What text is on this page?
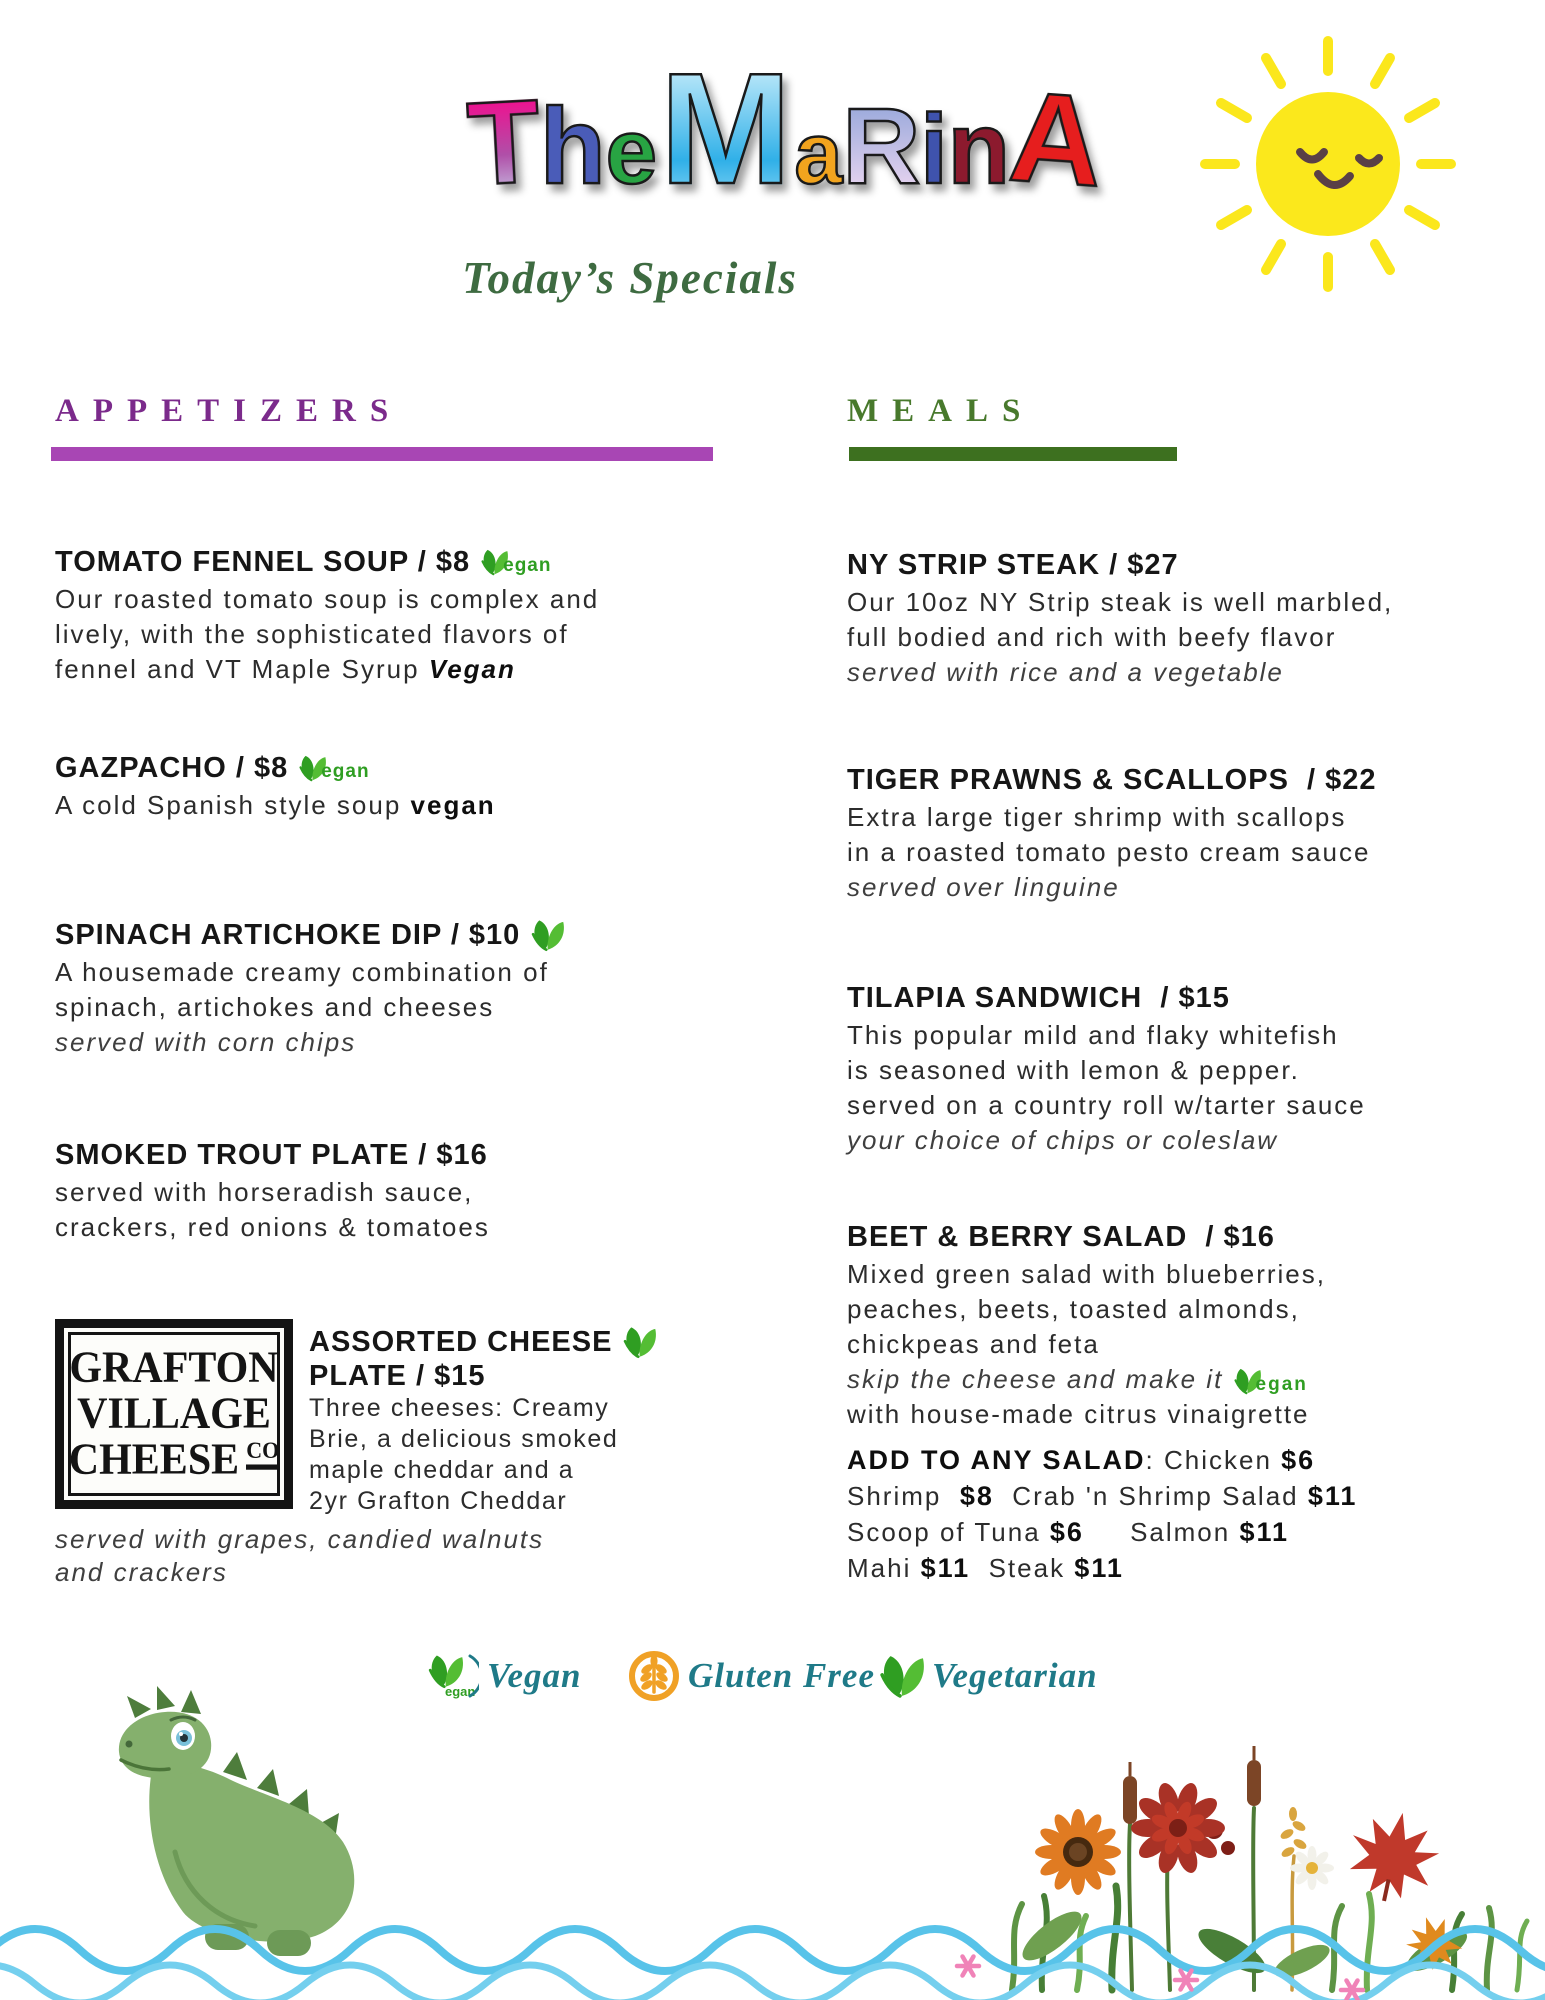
TheMaRinA
Today’s Specials
APPETIZERS
TOMATO FENNEL SOUP / $8 egan

Our roasted tomato soup is complex and

lively, with the sophisticated flavors of

fennel and VT Maple Syrup Vegan

GAZPACHO / $8 egan

A cold Spanish style soup vegan

SPINACH ARTICHOKE DIP / $10

A housemade creamy combination of

spinach, artichokes and cheeses

served with corn chips

SMOKED TROUT PLATE / $16

served with horseradish sauce,

crackers, red onions & tomatoes

GRAFTON
VILLAGE
CHEESE CO
ASSORTED CHEESE
PLATE / $15

Three cheeses: Creamy

Brie, a delicious smoked

maple cheddar and a

2yr Grafton Cheddar

served with grapes, candied walnuts

and crackers

MEALS
NY STRIP STEAK / $27

Our 10oz NY Strip steak is well marbled,

full bodied and rich with beefy flavor

served with rice and a vegetable

TIGER PRAWNS & SCALLOPS  / $22

Extra large tiger shrimp with scallops

in a roasted tomato pesto cream sauce

served over linguine

TILAPIA SANDWICH  / $15

This popular mild and flaky whitefish

is seasoned with lemon & pepper.

served on a country roll w/tarter sauce

your choice of chips or coleslaw

BEET & BERRY SALAD  / $16

Mixed green salad with blueberries,

peaches, beets, toasted almonds,

chickpeas and feta

skip the cheese and make it egan

with house-made citrus vinaigrette

ADD TO ANY SALAD: Chicken $6

Shrimp  $8  Crab 'n Shrimp Salad $11

Scoop of Tuna $6     Salmon $11

Mahi $11  Steak $11

egan Vegan	Gluten Free Vegetarian
